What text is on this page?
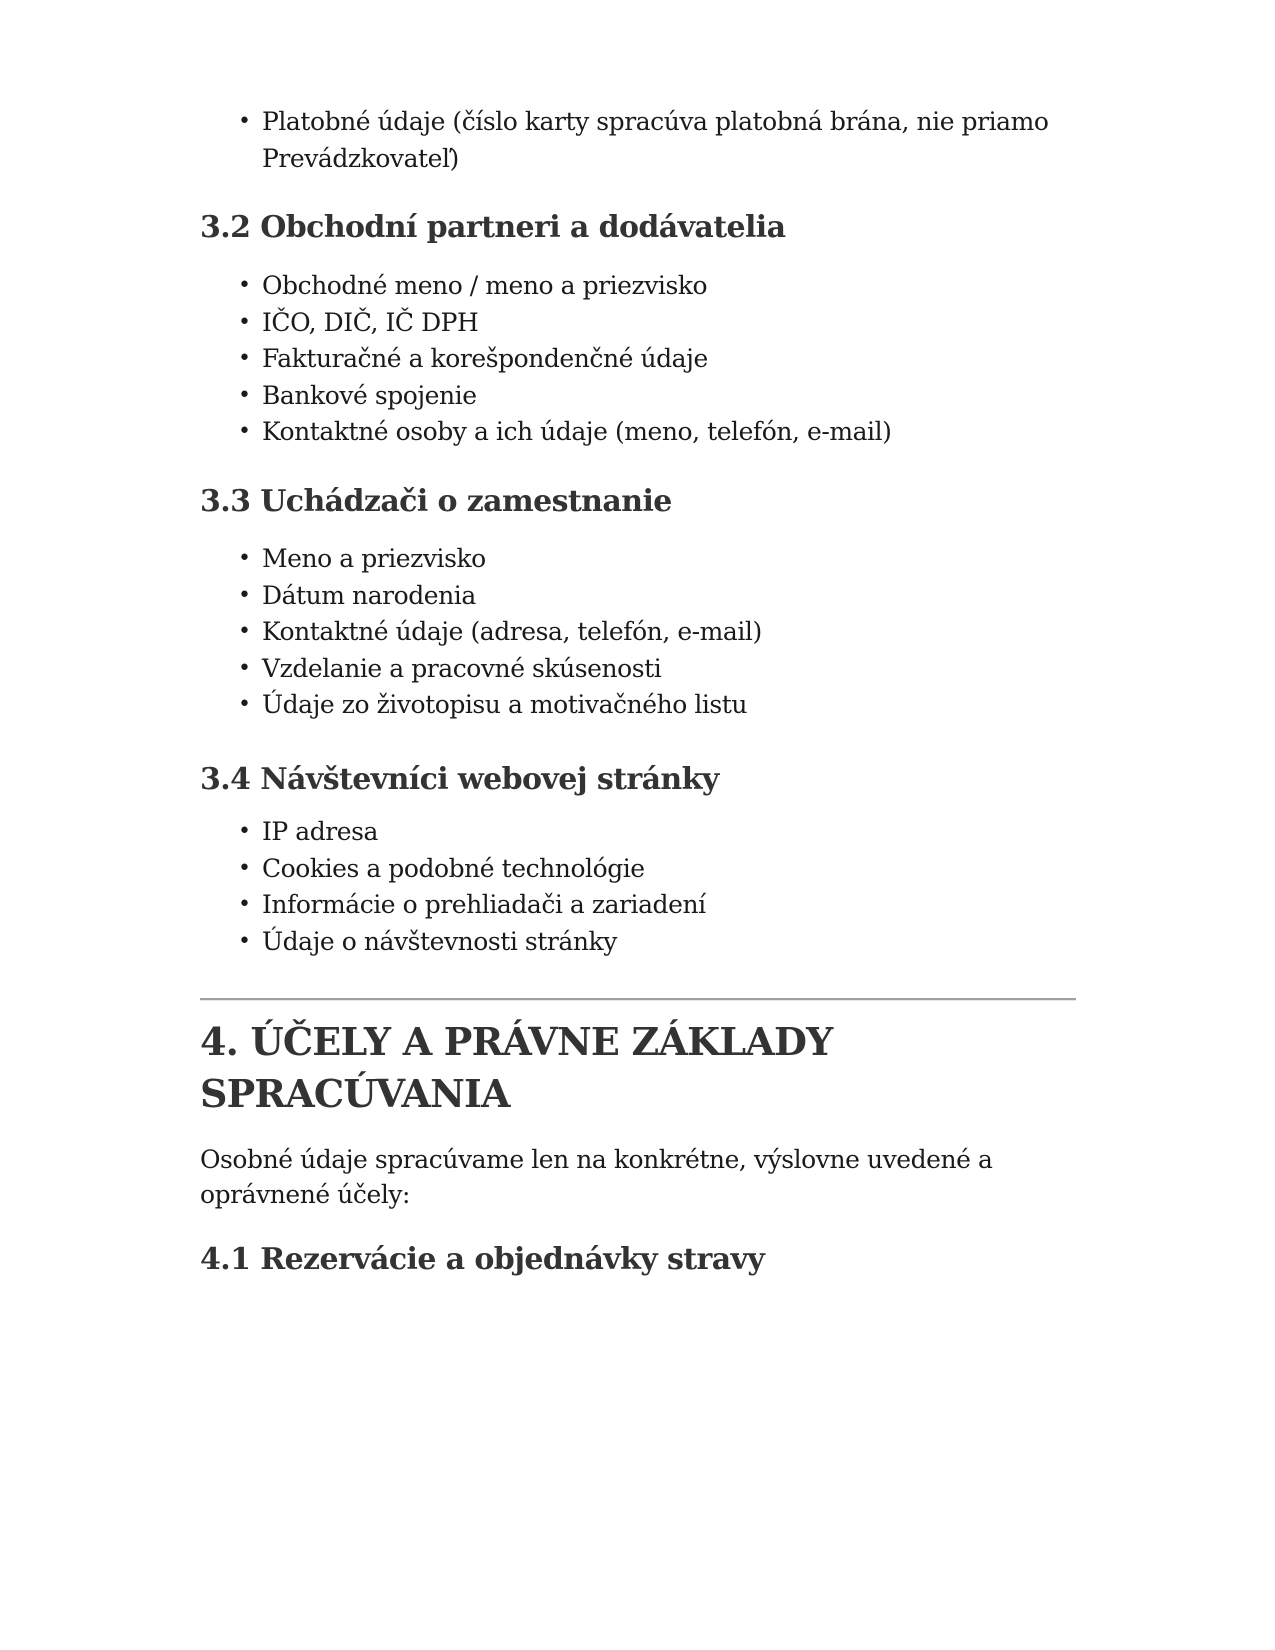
• Platobné údaje (číslo karty spracúva platobná brána, nie priamo Prevádzkovateľ)
3.2 Obchodní partneri a dodávatelia
• Obchodné meno / meno a priezvisko
• IČO, DIČ, IČ DPH
• Fakturačné a korešpondenčné údaje
• Bankové spojenie
• Kontaktné osoby a ich údaje (meno, telefón, e-mail)
3.3 Uchádzači o zamestnanie
• Meno a priezvisko
• Dátum narodenia
• Kontaktné údaje (adresa, telefón, e-mail)
• Vzdelanie a pracovné skúsenosti
• Údaje zo životopisu a motivačného listu
3.4 Návštevníci webovej stránky
• IP adresa
• Cookies a podobné technológie
• Informácie o prehliadači a zariadení
• Údaje o návštevnosti stránky
4. ÚČELY A PRÁVNE ZÁKLADY
SPRACÚVANIA

Osobné údaje spracúvame len na konkrétne, výslovne uvedené a oprávnené účely:

4.1 Rezervácie a objednávky stravy
